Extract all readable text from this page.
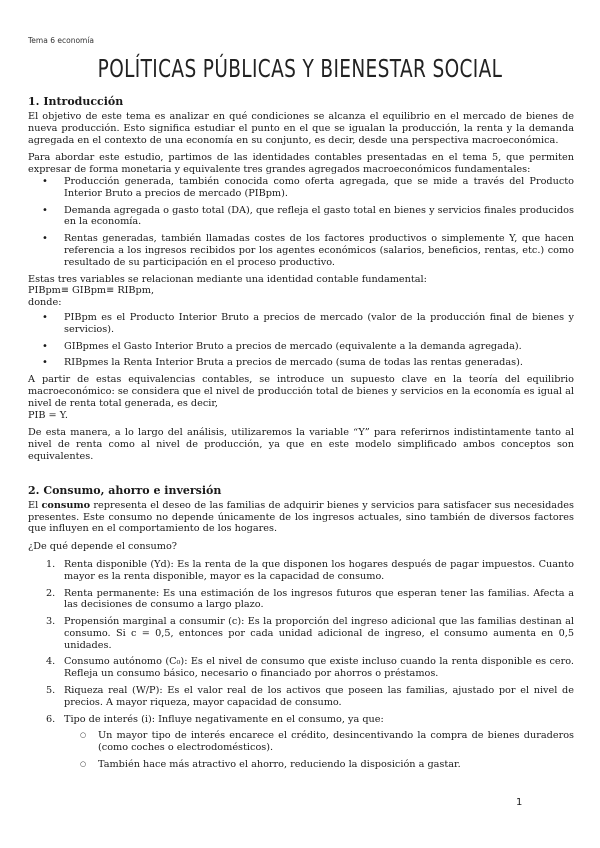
Tema 6 economía
POLÍTICAS PÚBLICAS Y BIENESTAR SOCIAL
1. Introducción

El objetivo de este tema es analizar en qué condiciones se alcanza el equilibrio en el mercado de bienes de nueva producción. Esto significa estudiar el punto en el que se igualan la producción, la renta y la demanda agregada en el contexto de una economía en su conjunto, es decir, desde una perspectiva macroeconómica.

Para abordar este estudio, partimos de las identidades contables presentadas en el tema 5, que permiten expresar de forma monetaria y equivalente tres grandes agregados macroeconómicos fundamentales:

• Producción generada, también conocida como oferta agregada, que se mide a través del Producto Interior Bruto a precios de mercado (PIBpm).
• Demanda agregada o gasto total (DA), que refleja el gasto total en bienes y servicios finales producidos en la economía.
• Rentas generadas, también llamadas costes de los factores productivos o simplemente Y, que hacen referencia a los ingresos recibidos por los agentes económicos (salarios, beneficios, rentas, etc.) como resultado de su participación en el proceso productivo.

Estas tres variables se relacionan mediante una identidad contable fundamental:

PIBpm≡ GIBpm≡ RIBpm,

donde:

• PIBpm es el Producto Interior Bruto a precios de mercado (valor de la producción final de bienes y servicios).
• GIBpmes el Gasto Interior Bruto a precios de mercado (equivalente a la demanda agregada).
• RIBpmes la Renta Interior Bruta a precios de mercado (suma de todas las rentas generadas).

A partir de estas equivalencias contables, se introduce un supuesto clave en la teoría del equilibrio macroeconómico: se considera que el nivel de producción total de bienes y servicios en la economía es igual al nivel de renta total generada, es decir,

PIB = Y.

De esta manera, a lo largo del análisis, utilizaremos la variable “Y” para referirnos indistintamente tanto al nivel de renta como al nivel de producción, ya que en este modelo simplificado ambos conceptos son equivalentes.

2. Consumo, ahorro e inversión

El consumo representa el deseo de las familias de adquirir bienes y servicios para satisfacer sus necesidades presentes. Este consumo no depende únicamente de los ingresos actuales, sino también de diversos factores que influyen en el comportamiento de los hogares.

¿De qué depende el consumo?

1. Renta disponible (Yd): Es la renta de la que disponen los hogares después de pagar impuestos. Cuanto mayor es la renta disponible, mayor es la capacidad de consumo.
2. Renta permanente: Es una estimación de los ingresos futuros que esperan tener las familias. Afecta a las decisiones de consumo a largo plazo.
3. Propensión marginal a consumir (c): Es la proporción del ingreso adicional que las familias destinan al consumo. Si c = 0,5, entonces por cada unidad adicional de ingreso, el consumo aumenta en 0,5 unidades.
4. Consumo autónomo (C₀): Es el nivel de consumo que existe incluso cuando la renta disponible es cero. Refleja un consumo básico, necesario o financiado por ahorros o préstamos.
5. Riqueza real (W/P): Es el valor real de los activos que poseen las familias, ajustado por el nivel de precios. A mayor riqueza, mayor capacidad de consumo.
6. Tipo de interés (i): Influye negativamente en el consumo, ya que:
○ Un mayor tipo de interés encarece el crédito, desincentivando la compra de bienes duraderos (como coches o electrodomésticos).
○ También hace más atractivo el ahorro, reduciendo la disposición a gastar.
1
